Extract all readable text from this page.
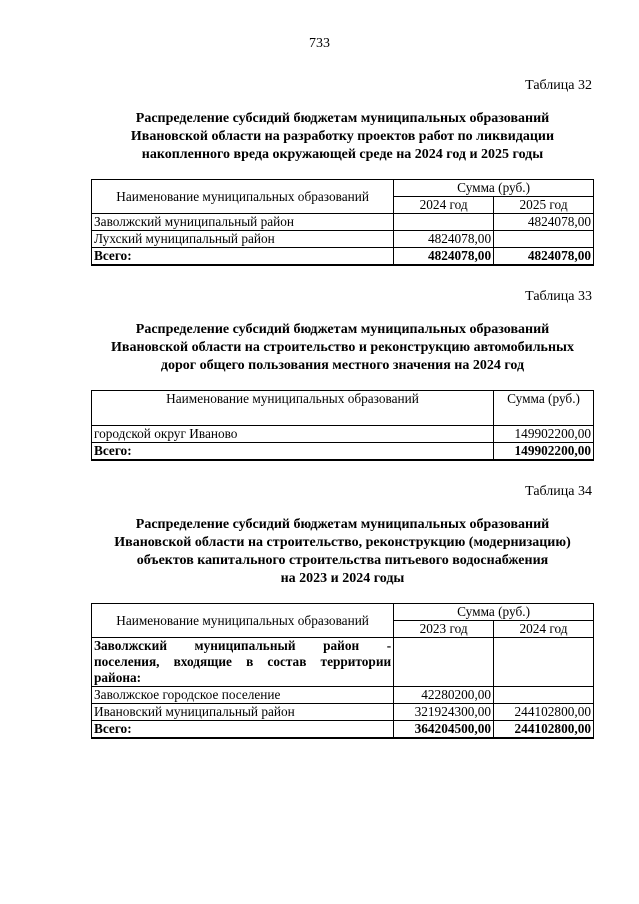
733
Таблица 32
Распределение субсидий бюджетам муниципальных образований
Ивановской области на разработку проектов работ по ликвидации
накопленного вреда окружающей среде на 2024 год и 2025 годы
Наименование муниципальных образований	Сумма (руб.)	
	2024 год	2025 год
Заволжский муниципальный район		4824078,00
Лухский муниципальный район	4824078,00	
Всего:	4824078,00	4824078,00
Таблица 33
Распределение субсидий бюджетам муниципальных образований
Ивановской области на строительство и реконструкцию автомобильных
дорог общего пользования местного значения на 2024 год
Наименование муниципальных образований	Сумма (руб.)
городской округ Иваново	149902200,00
Всего:	149902200,00
Таблица 34
Распределение субсидий бюджетам муниципальных образований
Ивановской области на строительство, реконструкцию (модернизацию)
объектов капитального строительства питьевого водоснабжения
на 2023 и 2024 годы
Наименование муниципальных образований	Сумма (руб.)	
	2023 год	2024 год

Заволжский муниципальный район -
поселения, входящие в состав территории
района:		

Заволжское городское поселение	42280200,00	
Ивановский муниципальный район	321924300,00	244102800,00
Всего:	364204500,00	244102800,00
